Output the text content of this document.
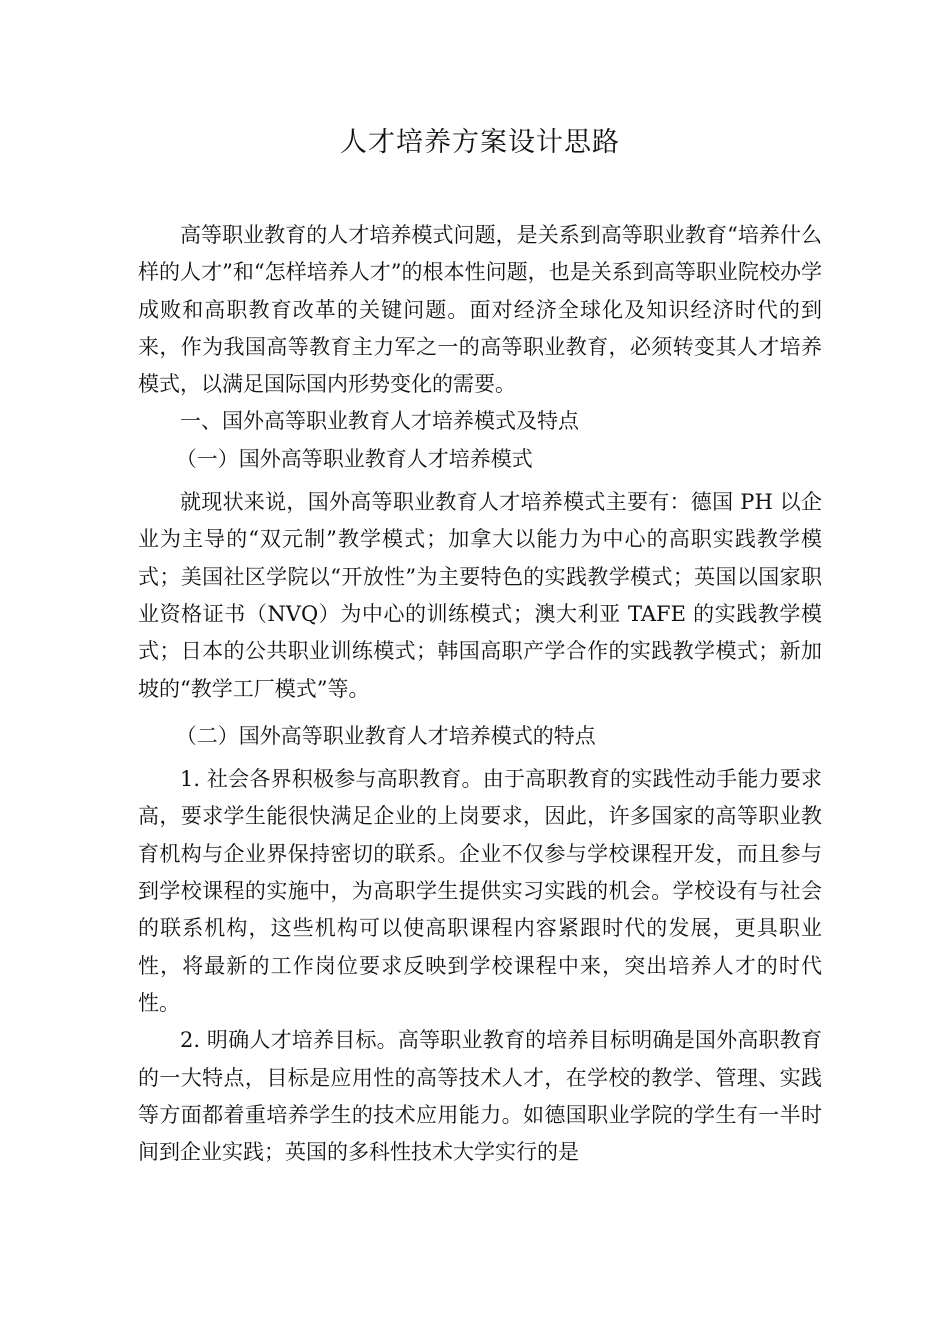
人才培养方案设计思路

高等职业教育的人才培养模式问题，是关系到高等职业教育“培养什么样的人才”和“怎样培养人才”的根本性问题，也是关系到高等职业院校办学成败和高职教育改革的关键问题。面对经济全球化及知识经济时代的到来，作为我国高等教育主力军之一的高等职业教育，必须转变其人才培养模式，以满足国际国内形势变化的需要。

一、国外高等职业教育人才培养模式及特点

（一）国外高等职业教育人才培养模式

就现状来说，国外高等职业教育人才培养模式主要有：德国 PH 以企业为主导的“双元制”教学模式；加拿大以能力为中心的高职实践教学模式；美国社区学院以“开放性”为主要特色的实践教学模式；英国以国家职业资格证书（NVQ）为中心的训练模式；澳大利亚 TAFE 的实践教学模式；日本的公共职业训练模式；韩国高职产学合作的实践教学模式；新加坡的“教学工厂模式”等。

（二）国外高等职业教育人才培养模式的特点

1. 社会各界积极参与高职教育。由于高职教育的实践性动手能力要求高，要求学生能很快满足企业的上岗要求，因此，许多国家的高等职业教育机构与企业界保持密切的联系。企业不仅参与学校课程开发，而且参与到学校课程的实施中，为高职学生提供实习实践的机会。学校设有与社会的联系机构，这些机构可以使高职课程内容紧跟时代的发展，更具职业性，将最新的工作岗位要求反映到学校课程中来，突出培养人才的时代性。

2. 明确人才培养目标。高等职业教育的培养目标明确是国外高职教育的一大特点，目标是应用性的高等技术人才，在学校的教学、管理、实践等方面都着重培养学生的技术应用能力。如德国职业学院的学生有一半时间到企业实践；英国的多科性技术大学实行的是
